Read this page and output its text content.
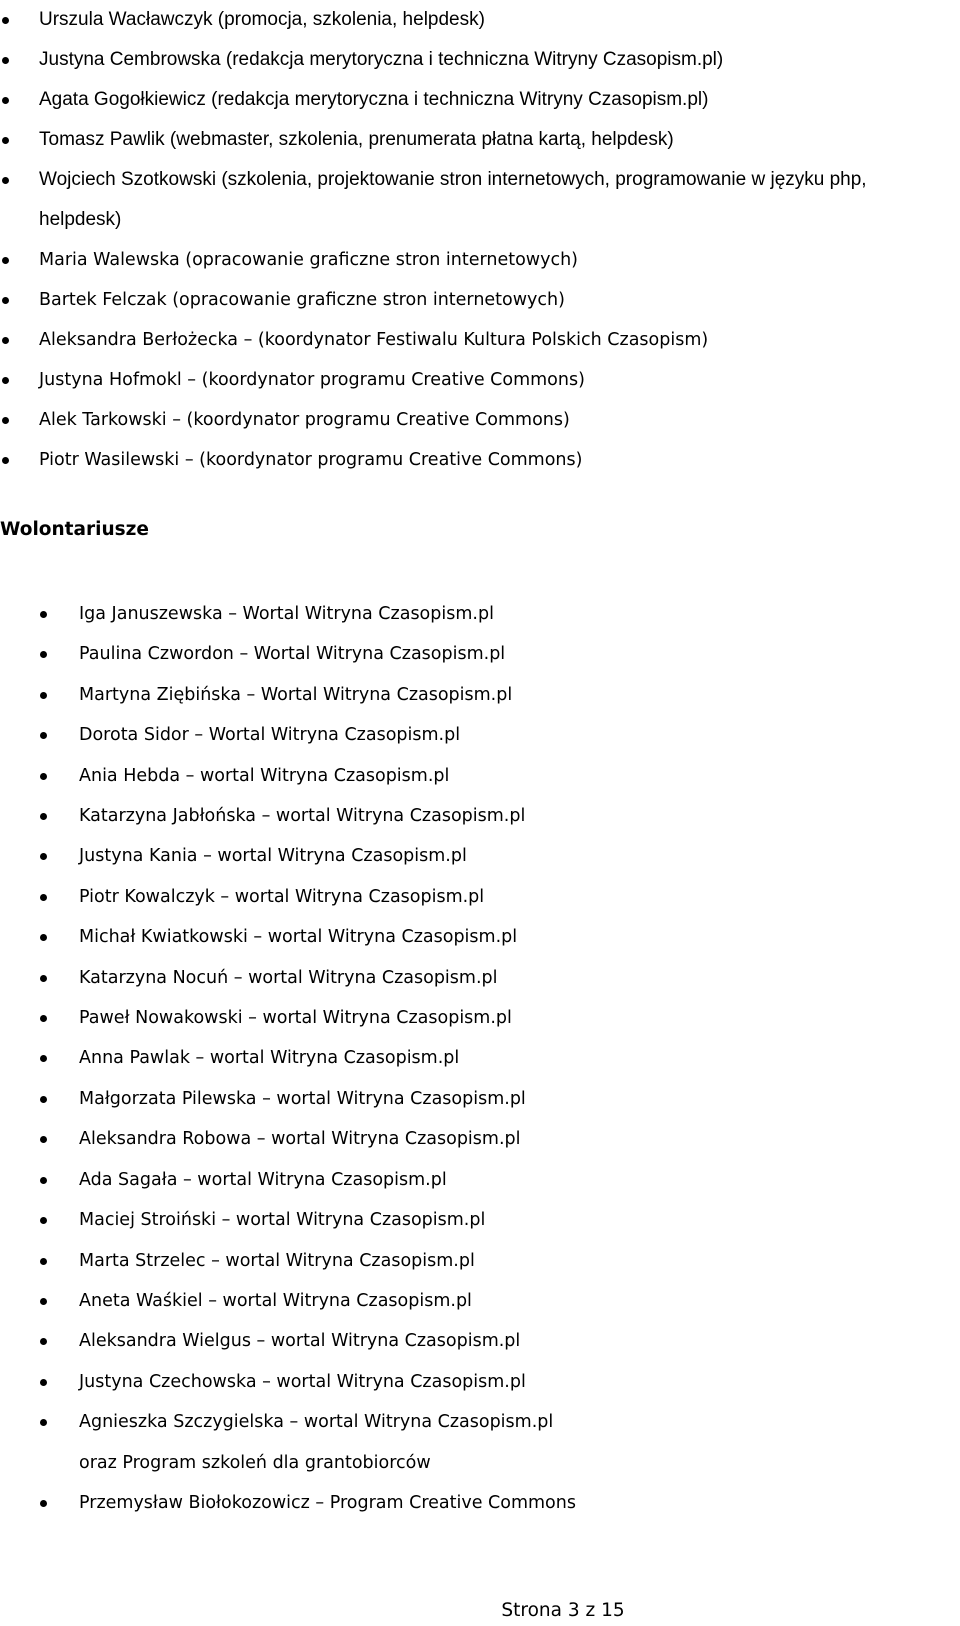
Urszula Wacławczyk (promocja, szkolenia, helpdesk)
Justyna Cembrowska (redakcja merytoryczna i techniczna Witryny Czasopism.pl)
Agata Gogołkiewicz (redakcja merytoryczna i techniczna Witryny Czasopism.pl)
Tomasz Pawlik (webmaster, szkolenia, prenumerata płatna kartą, helpdesk)
Wojciech Szotkowski (szkolenia, projektowanie stron internetowych, programowanie w języku php, helpdesk)
Maria Walewska (opracowanie graficzne stron internetowych)
Bartek Felczak (opracowanie graficzne stron internetowych)
Aleksandra Berłożecka – (koordynator Festiwalu Kultura Polskich Czasopism)
Justyna Hofmokl – (koordynator programu Creative Commons)
Alek Tarkowski – (koordynator programu Creative Commons)
Piotr Wasilewski – (koordynator programu Creative Commons)
Wolontariusze
Iga Januszewska – Wortal Witryna Czasopism.pl
Paulina Czwordon – Wortal Witryna Czasopism.pl
Martyna Ziębińska – Wortal Witryna Czasopism.pl
Dorota Sidor – Wortal Witryna Czasopism.pl
Ania Hebda – wortal Witryna Czasopism.pl
Katarzyna Jabłońska – wortal Witryna Czasopism.pl
Justyna Kania – wortal Witryna Czasopism.pl
Piotr Kowalczyk – wortal Witryna Czasopism.pl
Michał Kwiatkowski – wortal Witryna Czasopism.pl
Katarzyna Nocuń – wortal Witryna Czasopism.pl
Paweł Nowakowski – wortal Witryna Czasopism.pl
Anna Pawlak – wortal Witryna Czasopism.pl
Małgorzata Pilewska – wortal Witryna Czasopism.pl
Aleksandra Robowa – wortal Witryna Czasopism.pl
Ada Sagała – wortal Witryna Czasopism.pl
Maciej Stroiński – wortal Witryna Czasopism.pl
Marta Strzelec – wortal Witryna Czasopism.pl
Aneta Waśkiel – wortal Witryna Czasopism.pl
Aleksandra Wielgus – wortal Witryna Czasopism.pl
Justyna Czechowska – wortal Witryna Czasopism.pl
Agnieszka Szczygielska – wortal Witryna Czasopism.pl
oraz Program szkoleń dla grantobiorców
Przemysław Biołokozowicz – Program Creative Commons
Strona 3 z 15
